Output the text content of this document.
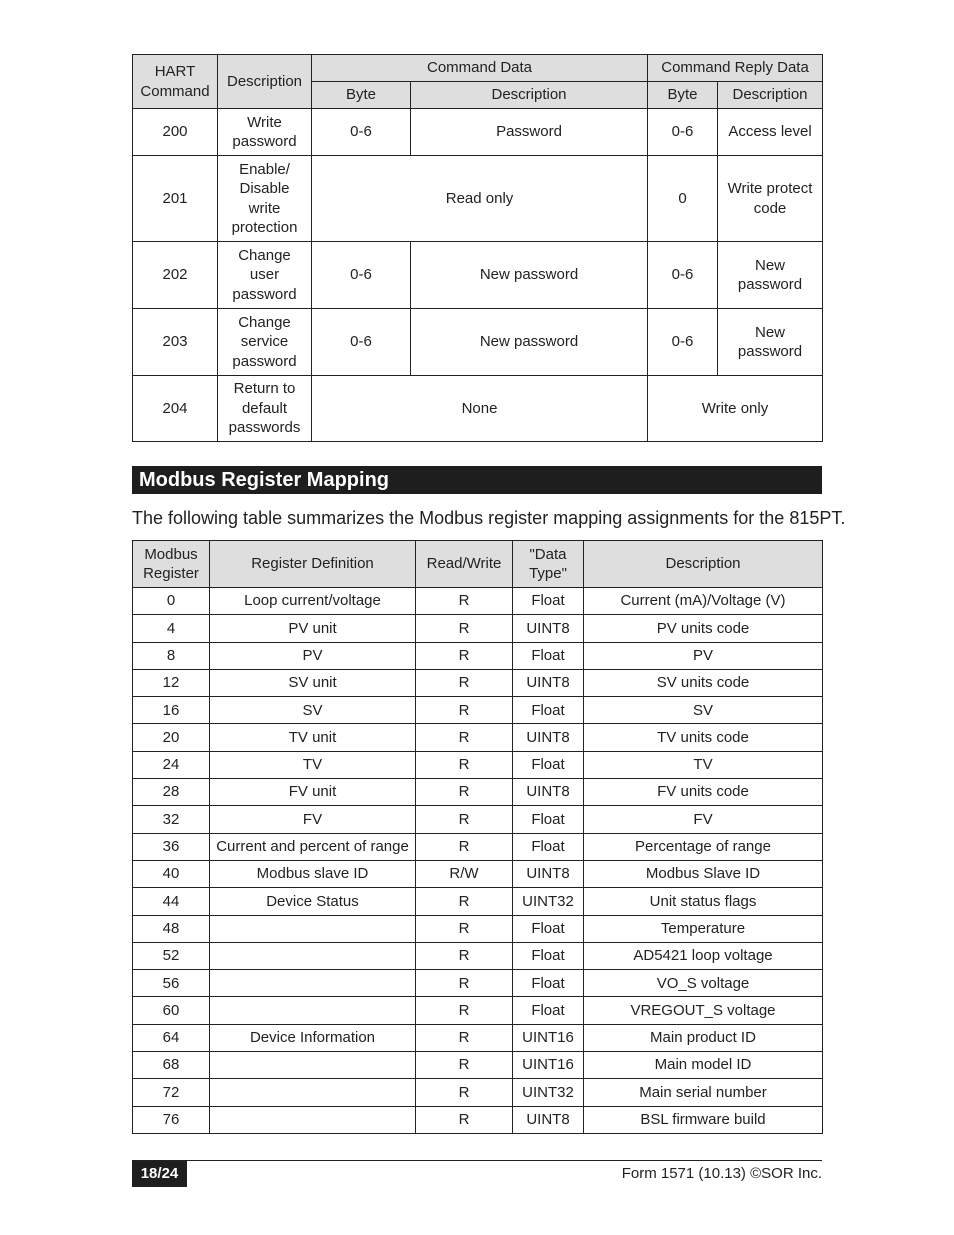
HART Command	Description	Command Data		Command Reply Data	
		Byte	Description	Byte	Description
200	Write password	0-6	Password	0-6	Access level
201	Enable/ Disable write protection	Read only		0	Write protect code
202	Change user password	0-6	New password	0-6	New password
203	Change service password	0-6	New password	0-6	New password
204	Return to default passwords	None		Write only	
Modbus Register Mapping
The following table summarizes the Modbus register mapping assignments for the 815PT.
Modbus Register	Register Definition	Read/Write	"Data Type"	Description
0	Loop current/voltage	R	Float	Current (mA)/Voltage (V)
4	PV unit	R	UINT8	PV units code
8	PV	R	Float	PV
12	SV unit	R	UINT8	SV units code
16	SV	R	Float	SV
20	TV unit	R	UINT8	TV units code
24	TV	R	Float	TV
28	FV unit	R	UINT8	FV units code
32	FV	R	Float	FV
36	Current and percent of range	R	Float	Percentage of range
40	Modbus slave ID	R/W	UINT8	Modbus Slave ID
44	Device Status	R	UINT32	Unit status flags
48		R	Float	Temperature
52		R	Float	AD5421 loop voltage
56		R	Float	VO_S voltage
60		R	Float	VREGOUT_S voltage
64	Device Information	R	UINT16	Main product ID
68		R	UINT16	Main model ID
72		R	UINT32	Main serial number
76		R	UINT8	BSL firmware build
18/24	Form 1571 (10.13) ©SOR Inc.
